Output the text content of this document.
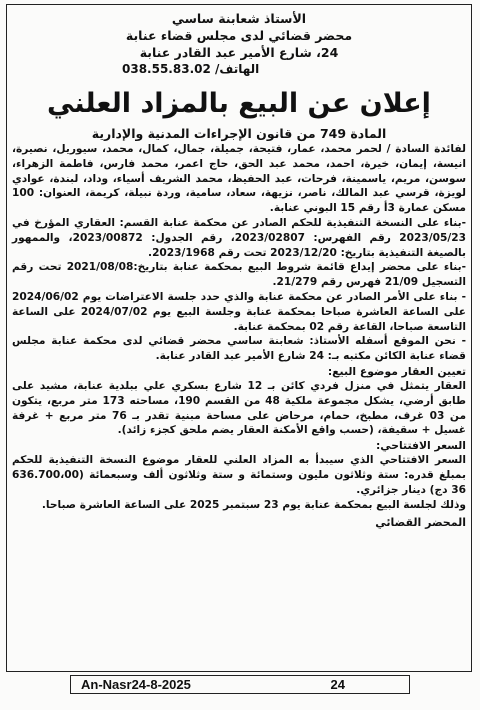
الأستاذ شعابنة ساسي
محضر قضائي لدى مجلس قضاء عنابة
24، شارع الأمير عبد القادر عنابة
الهاتف/ 038.55.83.02
إعلان عن البيع بالمزاد العلني
المادة 749 من قانون الإجراءات المدنية والإدارية

لفائدة السادة / لحمر محمد، عمار، فتيحة، جميلة، جمال، كمال، محمد، سيوريل، نصيرة، انيسة، إيمان، خيرة، احمد، محمد عبد الحق، حاج اعمر، محمد فارس، فاطمة الزهراء، سوسن، مريم، ياسمينة، فرحات، عبد الحفيظ، محمد الشريف أسياء، وداد، لبندة، عوادي لويزة، قرسي عبد المالك، ناصر، نزيهة، سعاد، سامية، وردة نبيلة، كريمة، العنوان: 100 مسكن عمارة 3أ رقم 15 البوني عنابة.

-بناء على النسخة التنفيذية للحكم الصادر عن محكمة عنابة القسم: العقاري المؤرخ في 2023/05/23 رقم الفهرس: 2023/02807، رقم الجدول: 2023/00872، والممهور بالصيغة التنفيذية بتاريخ: 2023/12/20 تحت رقم 2023/1968.

-بناء على محضر إيداع قائمة شروط البيع بمحكمة عنابة بتاريخ:2021/08/08 تحت رقم التسجيل 21/09 فهرس رقم 21/279.

- بناء على الأمر الصادر عن محكمة عنابة والذي حدد جلسة الاعتراضات يوم 2024/06/02 على الساعة العاشرة صباحا بمحكمة عنابة وجلسة البيع يوم 2024/07/02 على الساعة التاسعة صباحا، القاعة رقم 02 بمحكمة عنابة.

- نحن الموقع أسفله الأستاذ: شعابنة ساسي محضر قضائي لدى محكمة عنابة مجلس قضاء عنابة الكائن مكتبه بـ: 24 شارع الأمير عبد القادر عنابة.

تعيين العقار موضوع البيع:

العقار يتمثل في منزل فردي كائن بـ 12 شارع بسكري علي ببلدية عنابة، مشيد على طابق أرضي، يشكل مجموعة ملكية 48 من القسم 190، مساحته 173 متر مربع، يتكون من 03 غرف، مطبخ، حمام، مرحاض على مساحة مبنية تقدر بـ 76 متر مربع + غرفة غسيل + سقيفة، (حسب واقع الأمكنة العقار يضم ملحق كجزء زائد).

السعر الافتتاحي:

السعر الافتتاحي الذي سيبدأ به المزاد العلني للعقار موضوع النسخة التنفيذية للحكم بمبلغ قدره: ستة وثلاثون مليون وستمائة و ستة وثلاثون ألف وسبعمائة (636.700،00 36 دج) دينار جزائري.

وذلك لجلسة البيع بمحكمة عنابة يوم 23 سبتمبر 2025 على الساعة العاشرة صباحا.

المحضر القضائي
An-Nasr24-8-2025	24
